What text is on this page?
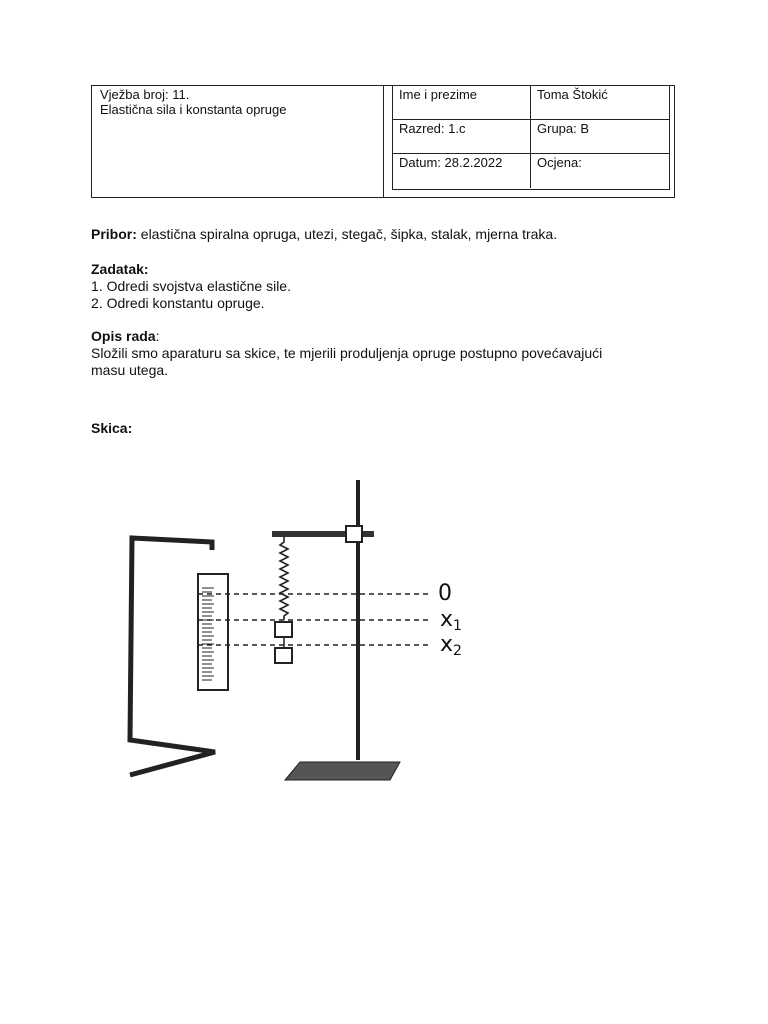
Vježba broj: 11.
Elastična sila i konstanta opruge
Ime i prezime	Toma Štokić
Razred: 1.c	Grupa: B
Datum: 28.2.2022	Ocjena:
Pribor: elastična spiralna opruga, utezi, stegač, šipka, stalak, mjerna traka.
Zadatak:
1. Odredi svojstva elastične sile.
2. Odredi konstantu opruge.
Opis rada:
Složili smo aparaturu sa skice, te mjerili produljenja opruge postupno povećavajući
masu utega.
Skica:
0
x1
x2
